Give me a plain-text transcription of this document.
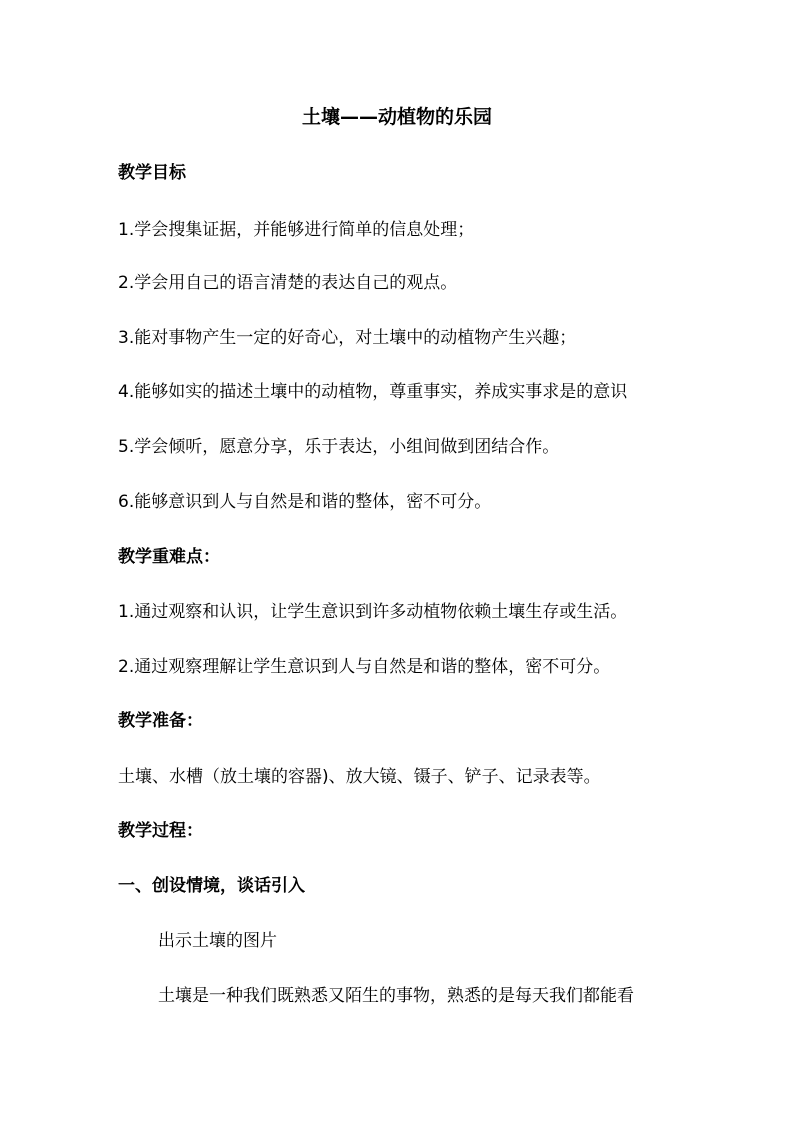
土壤——动植物的乐园
教学目标
1.学会搜集证据，并能够进行简单的信息处理；
2.学会用自己的语言清楚的表达自己的观点。
3.能对事物产生一定的好奇心，对土壤中的动植物产生兴趣；
4.能够如实的描述土壤中的动植物，尊重事实，养成实事求是的意识
5.学会倾听，愿意分享，乐于表达，小组间做到团结合作。
6.能够意识到人与自然是和谐的整体，密不可分。
教学重难点：
1.通过观察和认识，让学生意识到许多动植物依赖土壤生存或生活。
2.通过观察理解让学生意识到人与自然是和谐的整体，密不可分。
教学准备：
土壤、水槽（放土壤的容器)、放大镜、镊子、铲子、记录表等。
教学过程：
一、创设情境，谈话引入
出示土壤的图片
土壤是一种我们既熟悉又陌生的事物，熟悉的是每天我们都能看
